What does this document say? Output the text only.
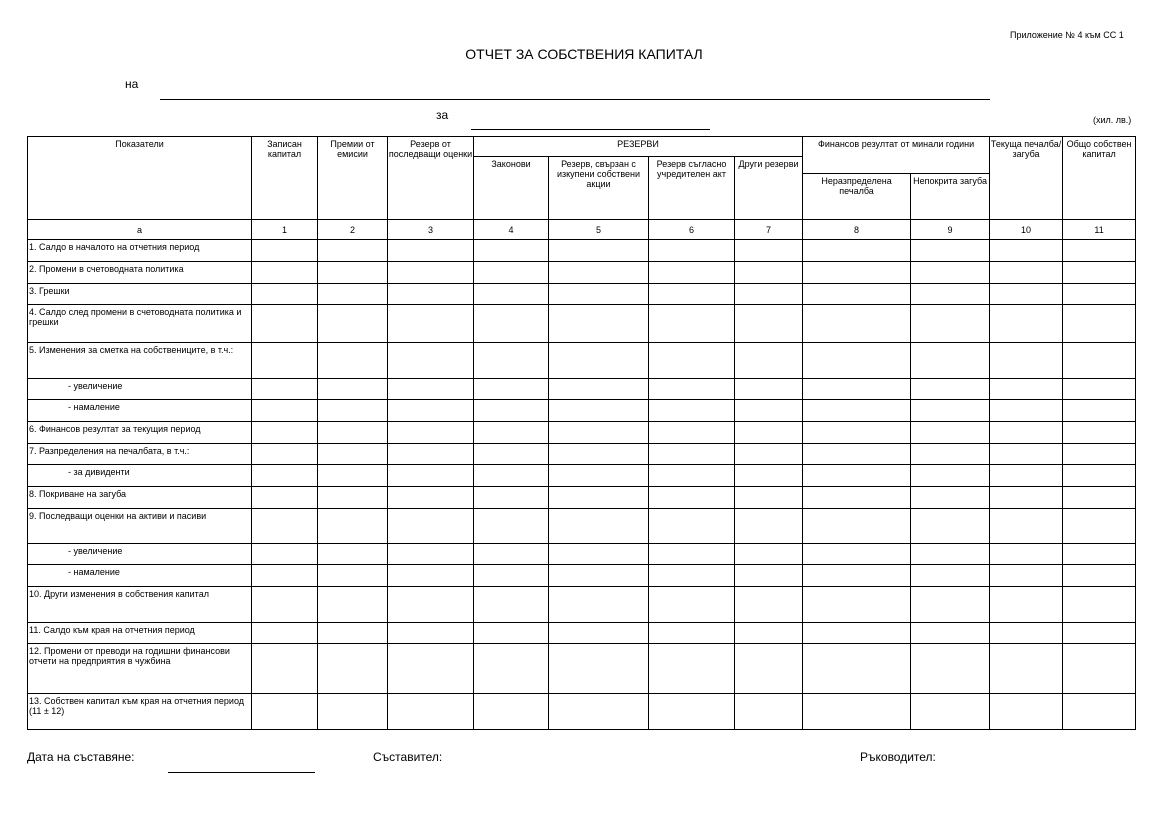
Приложение № 4 към СС 1
ОТЧЕТ ЗА СОБСТВЕНИЯ КАПИТАЛ
на
за	(хил. лв.)
Показатели	Записан капитал	Премии от емисии	Резерв от последващи оценки	РЕЗЕРВИ				Финансов резултат от минали години		Текуща печалба/ загуба	Общо собствен капитал
				Законови	Резерв, свързан с изкупени собствени акции	Резерв съгласно учредителен акт	Други резерви				
								Неразпределена печалба	Непокрита загуба		
а	1	2	3	4	5	6	7	8	9	10	11
1. Салдо в началото на отчетния период											
2. Промени в счетоводната политика											
3. Грешки											
4. Салдо след промени в счетоводната политика и грешки											
5. Изменения за сметка на собствениците, в т.ч.:											
- увеличение											
- намаление											
6. Финансов резултат за текущия период											
7. Разпределения на печалбата, в т.ч.:											
- за дивиденти											
8. Покриване на загуба											
9. Последващи оценки на активи и пасиви											
- увеличение											
- намаление											
10. Други изменения в собствения капитал											
11. Салдо към края на отчетния период											
12. Промени от преводи на годишни финансови отчети на предприятия в чужбина											
13. Собствен капитал към края на отчетния период (11 ± 12)											
Дата на съставяне:	Съставител:	Ръководител:
